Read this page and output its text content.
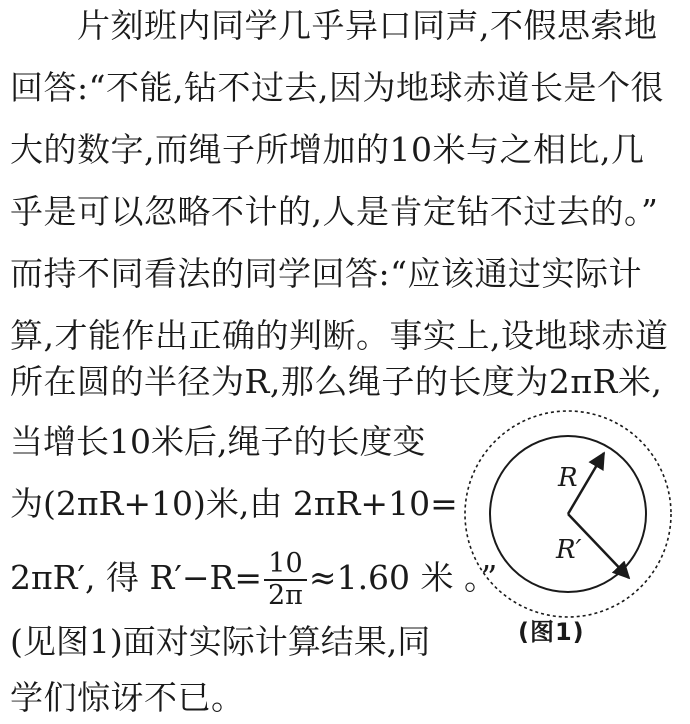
片刻班内同学几乎异口同声,不假思索地
回答:“不能,钻不过去,因为地球赤道长是个很
大的数字,而绳子所增加的10米与之相比,几
乎是可以忽略不计的,人是肯定钻不过去的。”
而持不同看法的同学回答:“应该通过实际计
算,才能作出正确的判断。事实上,设地球赤道
所在圆的半径为R,那么绳子的长度为2πR米,
当增长10米后,绳子的长度变
为(2πR+10)米,由 2πR+10=
2πR′, 得 $R'-R= \frac{10}{2\pi} \approx 1.60$ 米 。”
(见图1)面对实际计算结果,同
学们惊讶不已。
R
R′
(图1)
